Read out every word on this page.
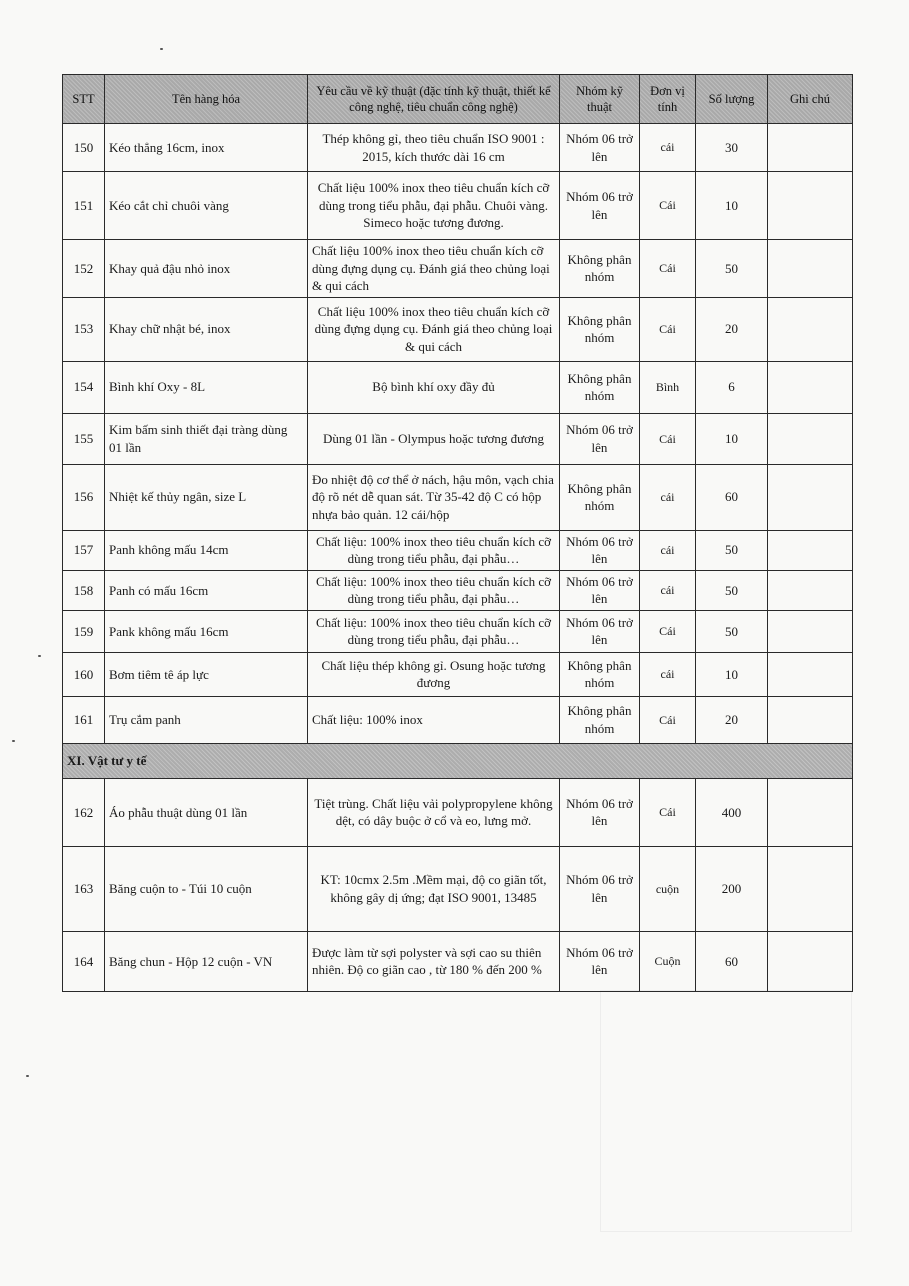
STT	Tên hàng hóa	Yêu cầu về kỹ thuật (đặc tính kỹ thuật, thiết kế công nghệ, tiêu chuẩn công nghệ)	Nhóm kỹ thuật	Đơn vị tính	Số lượng	Ghi chú
150	Kéo thẳng 16cm, inox	Thép không gỉ, theo tiêu chuẩn ISO 9001 : 2015, kích thước dài 16 cm	Nhóm 06 trở lên	cái	30	
151	Kéo cắt chỉ chuôi vàng	Chất liệu 100% inox theo tiêu chuẩn kích cỡ dùng trong tiểu phẫu, đại phẫu. Chuôi vàng. Simeco hoặc tương đương.	Nhóm 06 trở lên	Cái	10	
152	Khay quả đậu nhỏ inox	Chất liệu 100% inox theo tiêu chuẩn kích cỡ dùng đựng dụng cụ. Đánh giá theo chủng loại & qui cách	Không phân nhóm	Cái	50	
153	Khay chữ nhật bé, inox	Chất liệu 100% inox theo tiêu chuẩn kích cỡ dùng đựng dụng cụ. Đánh giá theo chủng loại & qui cách	Không phân nhóm	Cái	20	
154	Bình khí Oxy - 8L	Bộ bình khí oxy đầy đủ	Không phân nhóm	Bình	6	
155	Kim bấm sinh thiết đại tràng dùng 01 lần	Dùng 01 lần - Olympus hoặc tương đương	Nhóm 06 trở lên	Cái	10	
156	Nhiệt kế thủy ngân, size L	Đo nhiệt độ cơ thể ở nách, hậu môn, vạch chia độ rõ nét dễ quan sát. Từ 35-42 độ C có hộp nhựa bảo quản. 12 cái/hộp	Không phân nhóm	cái	60	
157	Panh không mấu 14cm	Chất liệu: 100% inox theo tiêu chuẩn kích cỡ dùng trong tiểu phẫu, đại phẫu…	Nhóm 06 trở lên	cái	50	
158	Panh có mấu 16cm	Chất liệu: 100% inox theo tiêu chuẩn kích cỡ dùng trong tiểu phẫu, đại phẫu…	Nhóm 06 trở lên	cái	50	
159	Pank không mấu 16cm	Chất liệu: 100% inox theo tiêu chuẩn kích cỡ dùng trong tiểu phẫu, đại phẫu…	Nhóm 06 trở lên	Cái	50	
160	Bơm tiêm tê áp lực	Chất liệu thép không gỉ. Osung hoặc tương đương	Không phân nhóm	cái	10	
161	Trụ cắm panh	Chất liệu: 100% inox	Không phân nhóm	Cái	20	
XI. Vật tư y tế						
162	Áo phẫu thuật dùng 01 lần	Tiệt trùng. Chất liệu vải polypropylene không dệt, có dây buộc ở cổ và eo, lưng mở.	Nhóm 06 trở lên	Cái	400	
163	Băng cuộn to - Túi 10 cuộn	KT: 10cmx 2.5m .Mềm mại, độ co giãn tốt, không gây dị ứng; đạt ISO 9001, 13485	Nhóm 06 trở lên	cuộn	200	
164	Băng chun - Hộp 12 cuộn - VN	Được làm từ sợi polyster và sợi cao su thiên nhiên. Độ co giãn cao , từ 180 % đến 200 %	Nhóm 06 trở lên	Cuộn	60	
